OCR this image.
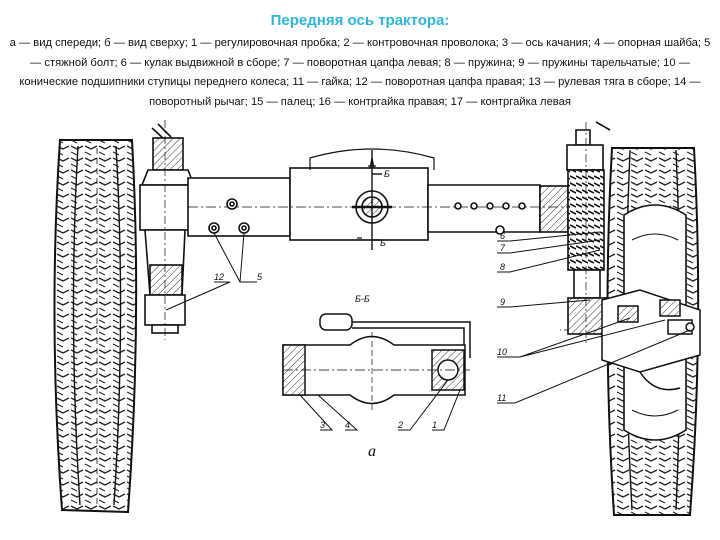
Передняя ось трактора:
а — вид спереди; б — вид сверху; 1 — регулировочная пробка; 2 — контровочная проволока; 3 — ось качания; 4 — опорная шайба; 5 — стяжной болт; 6 — кулак выдвижной в сборе; 7 — поворотная цапфа левая; 8 — пружина; 9 — пружины тарельчатые; 10 — конические подшипники ступицы переднего колеса; 11 — гайка; 12 — поворотная цапфа правая; 13 — рулевая тяга в сборе; 14 — поворотный рычаг; 15 — палец; 16 — контргайка правая; 17 — контргайка левая
Б
Б
Б-Б
12	5
6
7
8
9
10
11
3 4	2	1
а
